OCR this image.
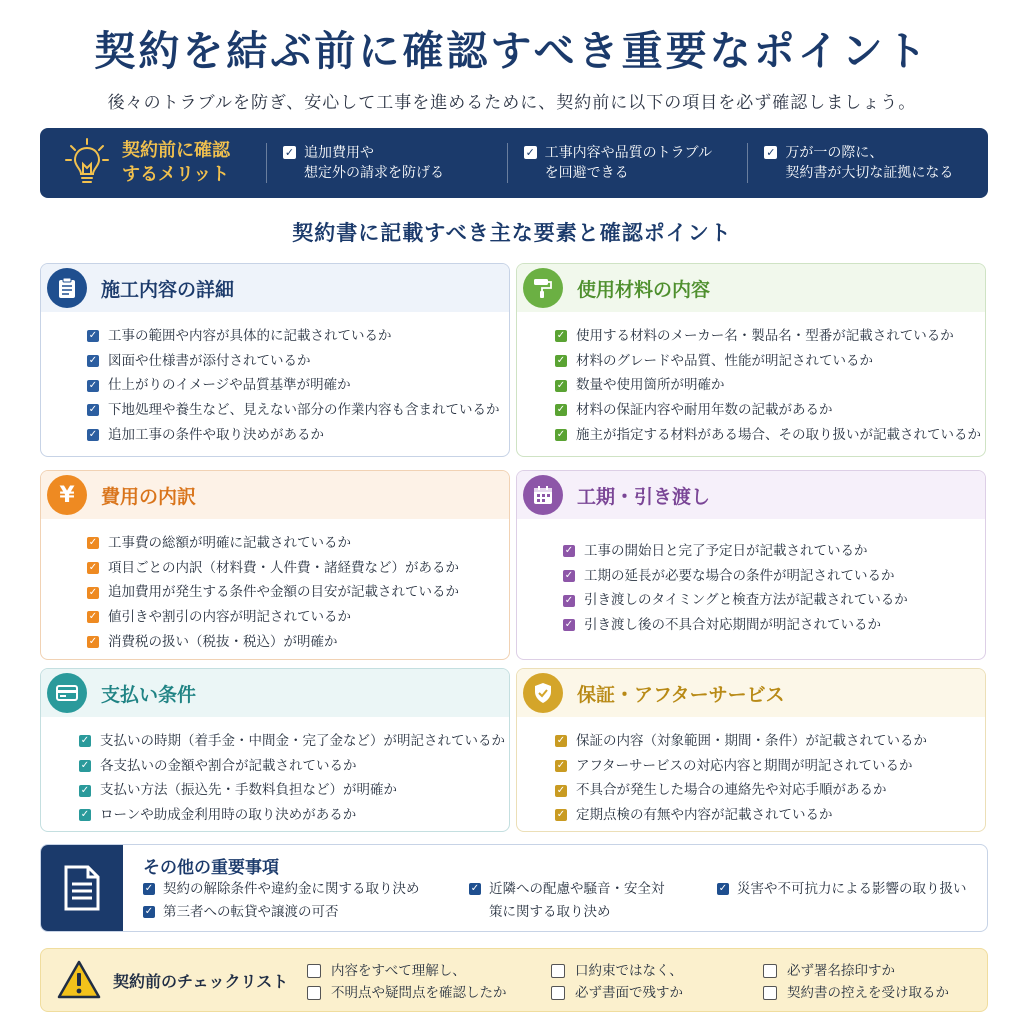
契約を結ぶ前に確認すべき重要なポイント
後々のトラブルを防ぎ、安心して工事を進めるために、契約前に以下の項目を必ず確認しましょう。
契約前に確認
するメリット
✓ 追加費用や
想定外の請求を防げる
✓ 工事内容や品質のトラブル
を回避できる
✓ 万が一の際に、
契約書が大切な証拠になる
契約書に記載すべき主な要素と確認ポイント
施工内容の詳細
✓ 工事の範囲や内容が具体的に記載されているか
✓ 図面や仕様書が添付されているか
✓ 仕上がりのイメージや品質基準が明確か
✓ 下地処理や養生など、見えない部分の作業内容も含まれているか
✓ 追加工事の条件や取り決めがあるか
使用材料の内容
✓ 使用する材料のメーカー名・製品名・型番が記載されているか
✓ 材料のグレードや品質、性能が明記されているか
✓ 数量や使用箇所が明確か
✓ 材料の保証内容や耐用年数の記載があるか
✓ 施主が指定する材料がある場合、その取り扱いが記載されているか
¥ 費用の内訳
✓ 工事費の総額が明確に記載されているか
✓ 項目ごとの内訳（材料費・人件費・諸経費など）があるか
✓ 追加費用が発生する条件や金額の目安が記載されているか
✓ 値引きや割引の内容が明記されているか
✓ 消費税の扱い（税抜・税込）が明確か
工期・引き渡し
✓ 工事の開始日と完了予定日が記載されているか
✓ 工期の延長が必要な場合の条件が明記されているか
✓ 引き渡しのタイミングと検査方法が記載されているか
✓ 引き渡し後の不具合対応期間が明記されているか
支払い条件
✓ 支払いの時期（着手金・中間金・完了金など）が明記されているか
✓ 各支払いの金額や割合が記載されているか
✓ 支払い方法（振込先・手数料負担など）が明確か
✓ ローンや助成金利用時の取り決めがあるか
保証・アフターサービス
✓ 保証の内容（対象範囲・期間・条件）が記載されているか
✓ アフターサービスの対応内容と期間が明記されているか
✓ 不具合が発生した場合の連絡先や対応手順があるか
✓ 定期点検の有無や内容が記載されているか
その他の重要事項
✓ 契約の解除条件や違約金に関する取り決め
✓ 第三者への転貸や譲渡の可否
✓ 近隣への配慮や騒音・安全対
策に関する取り決め
✓ 災害や不可抗力による影響の取り扱い
契約前のチェックリスト
内容をすべて理解し、
不明点や疑問点を確認したか
口約束ではなく、
必ず書面で残すか
必ず署名捺印すか
契約書の控えを受け取るか
